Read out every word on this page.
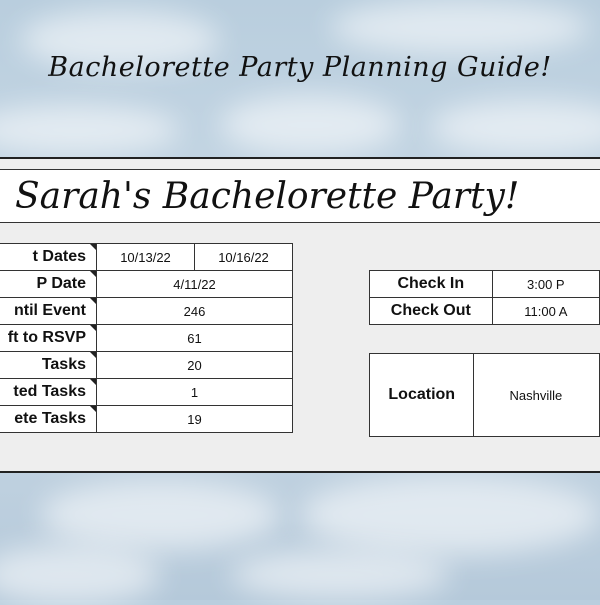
Bachelorette Party Planning Guide!
Sarah's Bachelorette Party!
t Dates	10/13/22	10/16/22
P Date	4/11/22	
ntil Event	246	
ft to RSVP	61	
Tasks	20	
ted Tasks	1	
ete Tasks	19	
Check In	3:00 P
Check Out	11:00 A
Location	Nashville
